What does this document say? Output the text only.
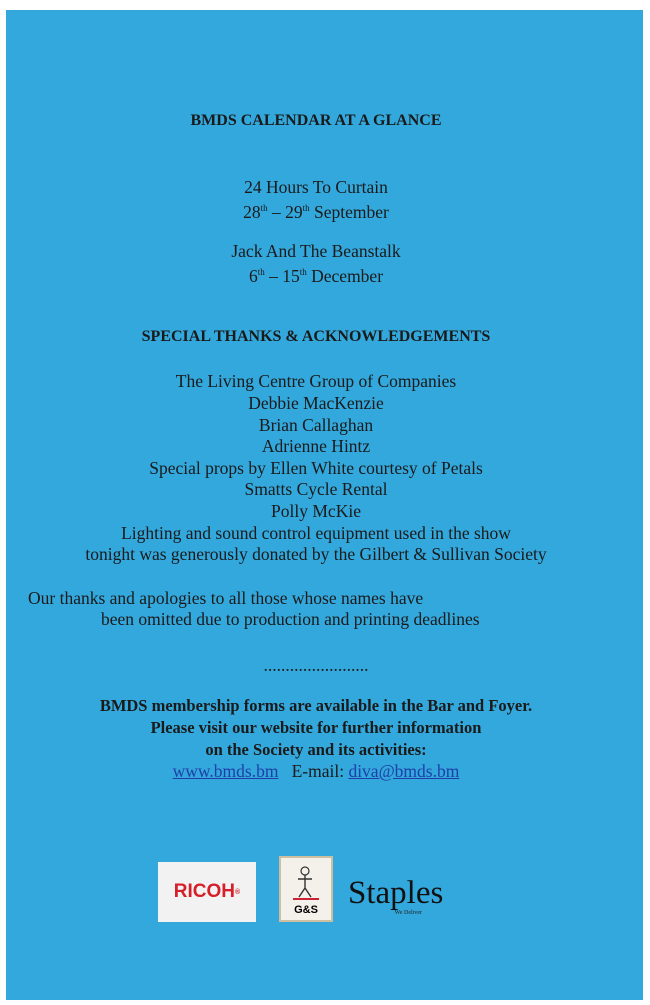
BMDS CALENDAR AT A GLANCE
24 Hours To Curtain
28th – 29th September
Jack And The Beanstalk
6th – 15th December
SPECIAL THANKS & ACKNOWLEDGEMENTS
The Living Centre Group of Companies
Debbie MacKenzie
Brian Callaghan
Adrienne Hintz
Special props by Ellen White courtesy of Petals
Smatts Cycle Rental
Polly McKie
Lighting and sound control equipment used in the show
tonight was generously donated by the Gilbert & Sullivan Society
Our thanks and apologies to all those whose names have
been omitted due to production and printing deadlines
........................
BMDS membership forms are available in the Bar and Foyer.
Please visit our website for further information
on the Society and its activities:
www.bmds.bm E-mail: diva@bmds.bm
RICOH ®
G&S Staples
We Deliver
